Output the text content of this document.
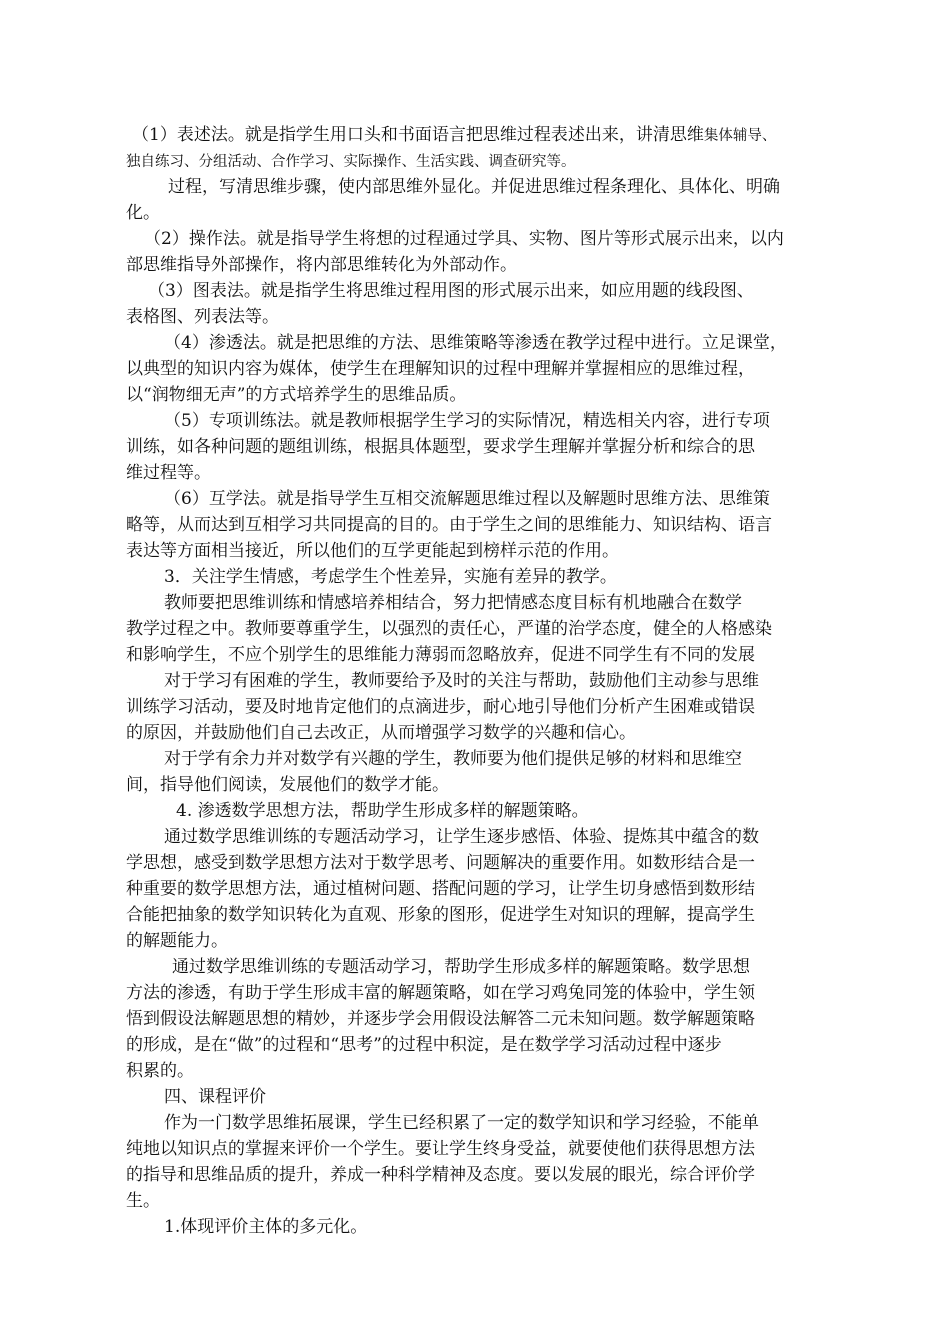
（1）表述法。就是指学生用口头和书面语言把思维过程表述出来，讲清思维集体辅导、
独自练习、分组活动、合作学习、实际操作、生活实践、调查研究等。
过程，写清思维步骤，使内部思维外显化。并促进思维过程条理化、具体化、明确
化。
（2）操作法。就是指导学生将想的过程通过学具、实物、图片等形式展示出来，以内
部思维指导外部操作，将内部思维转化为外部动作。
（3）图表法。就是指学生将思维过程用图的形式展示出来，如应用题的线段图、
表格图、列表法等。
（4）渗透法。就是把思维的方法、思维策略等渗透在教学过程中进行。立足课堂，
以典型的知识内容为媒体，使学生在理解知识的过程中理解并掌握相应的思维过程，
以“润物细无声”的方式培养学生的思维品质。
（5）专项训练法。就是教师根据学生学习的实际情况，精选相关内容，进行专项
训练，如各种问题的题组训练，根据具体题型，要求学生理解并掌握分析和综合的思
维过程等。
（6）互学法。就是指导学生互相交流解题思维过程以及解题时思维方法、思维策
略等，从而达到互相学习共同提高的目的。由于学生之间的思维能力、知识结构、语言
表达等方面相当接近，所以他们的互学更能起到榜样示范的作用。
3．关注学生情感，考虑学生个性差异，实施有差异的教学。
教师要把思维训练和情感培养相结合，努力把情感态度目标有机地融合在数学
教学过程之中。教师要尊重学生，以强烈的责任心，严谨的治学态度，健全的人格感染
和影响学生，不应个别学生的思维能力薄弱而忽略放弃，促进不同学生有不同的发展
对于学习有困难的学生，教师要给予及时的关注与帮助，鼓励他们主动参与思维
训练学习活动，要及时地肯定他们的点滴进步，耐心地引导他们分析产生困难或错误
的原因，并鼓励他们自己去改正，从而增强学习数学的兴趣和信心。
对于学有余力并对数学有兴趣的学生，教师要为他们提供足够的材料和思维空
间，指导他们阅读，发展他们的数学才能。
4. 渗透数学思想方法，帮助学生形成多样的解题策略。
通过数学思维训练的专题活动学习，让学生逐步感悟、体验、提炼其中蕴含的数
学思想，感受到数学思想方法对于数学思考、问题解决的重要作用。如数形结合是一
种重要的数学思想方法，通过植树问题、搭配问题的学习，让学生切身感悟到数形结
合能把抽象的数学知识转化为直观、形象的图形，促进学生对知识的理解，提高学生
的解题能力。
通过数学思维训练的专题活动学习，帮助学生形成多样的解题策略。数学思想
方法的渗透，有助于学生形成丰富的解题策略，如在学习鸡兔同笼的体验中，学生领
悟到假设法解题思想的精妙，并逐步学会用假设法解答二元未知问题。数学解题策略
的形成，是在“做”的过程和“思考”的过程中积淀，是在数学学习活动过程中逐步
积累的。
四、课程评价
作为一门数学思维拓展课，学生已经积累了一定的数学知识和学习经验，不能单
纯地以知识点的掌握来评价一个学生。要让学生终身受益，就要使他们获得思想方法
的指导和思维品质的提升，养成一种科学精神及态度。要以发展的眼光，综合评价学
生。
1.体现评价主体的多元化。
